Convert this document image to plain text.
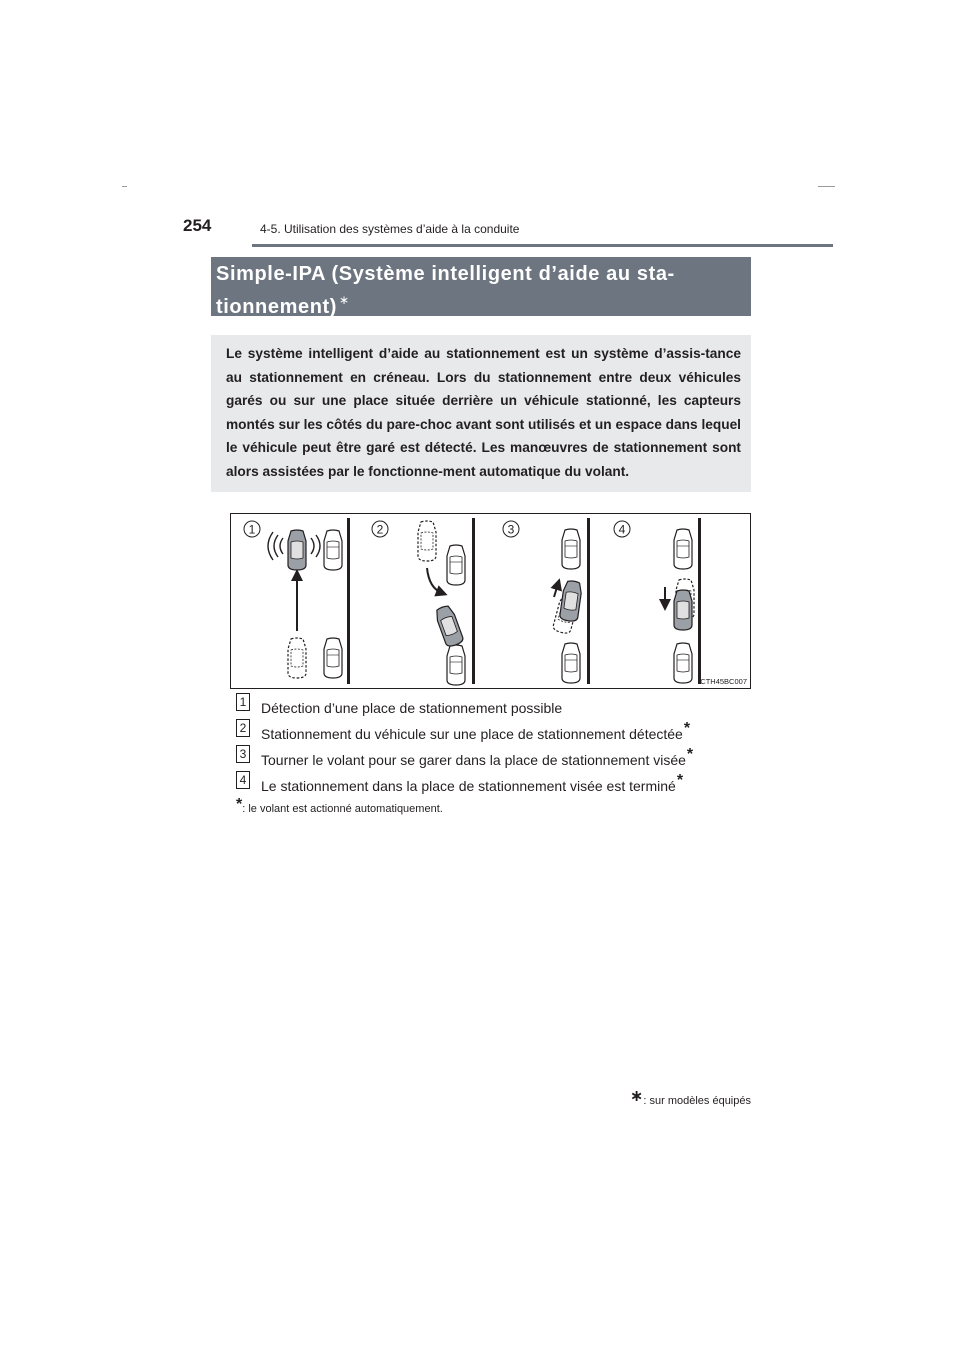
254	4-5. Utilisation des systèmes d’aide à la conduite
Simple-IPA (Système intelligent d’aide au sta-
tionnement) ∗
Le système intelligent d’aide au stationnement est un système d’assis-tance au stationnement en créneau. Lors du stationnement entre deux véhicules garés ou sur une place située derrière un véhicule stationné, les capteurs montés sur les côtés du pare-choc avant sont utilisés et un espace dans lequel le véhicule peut être garé est détecté. Les manœuvres de stationnement sont alors assistées par le fonctionne-ment automatique du volant.
1	2	3	4
CTH45BC007
1 Détection d’une place de stationnement possible
2 Stationnement du véhicule sur une place de stationnement détectée*
3 Tourner le volant pour se garer dans la place de stationnement visée*
4 Le stationnement dans la place de stationnement visée est terminé*
*: le volant est actionné automatiquement.
∗: sur modèles équipés
